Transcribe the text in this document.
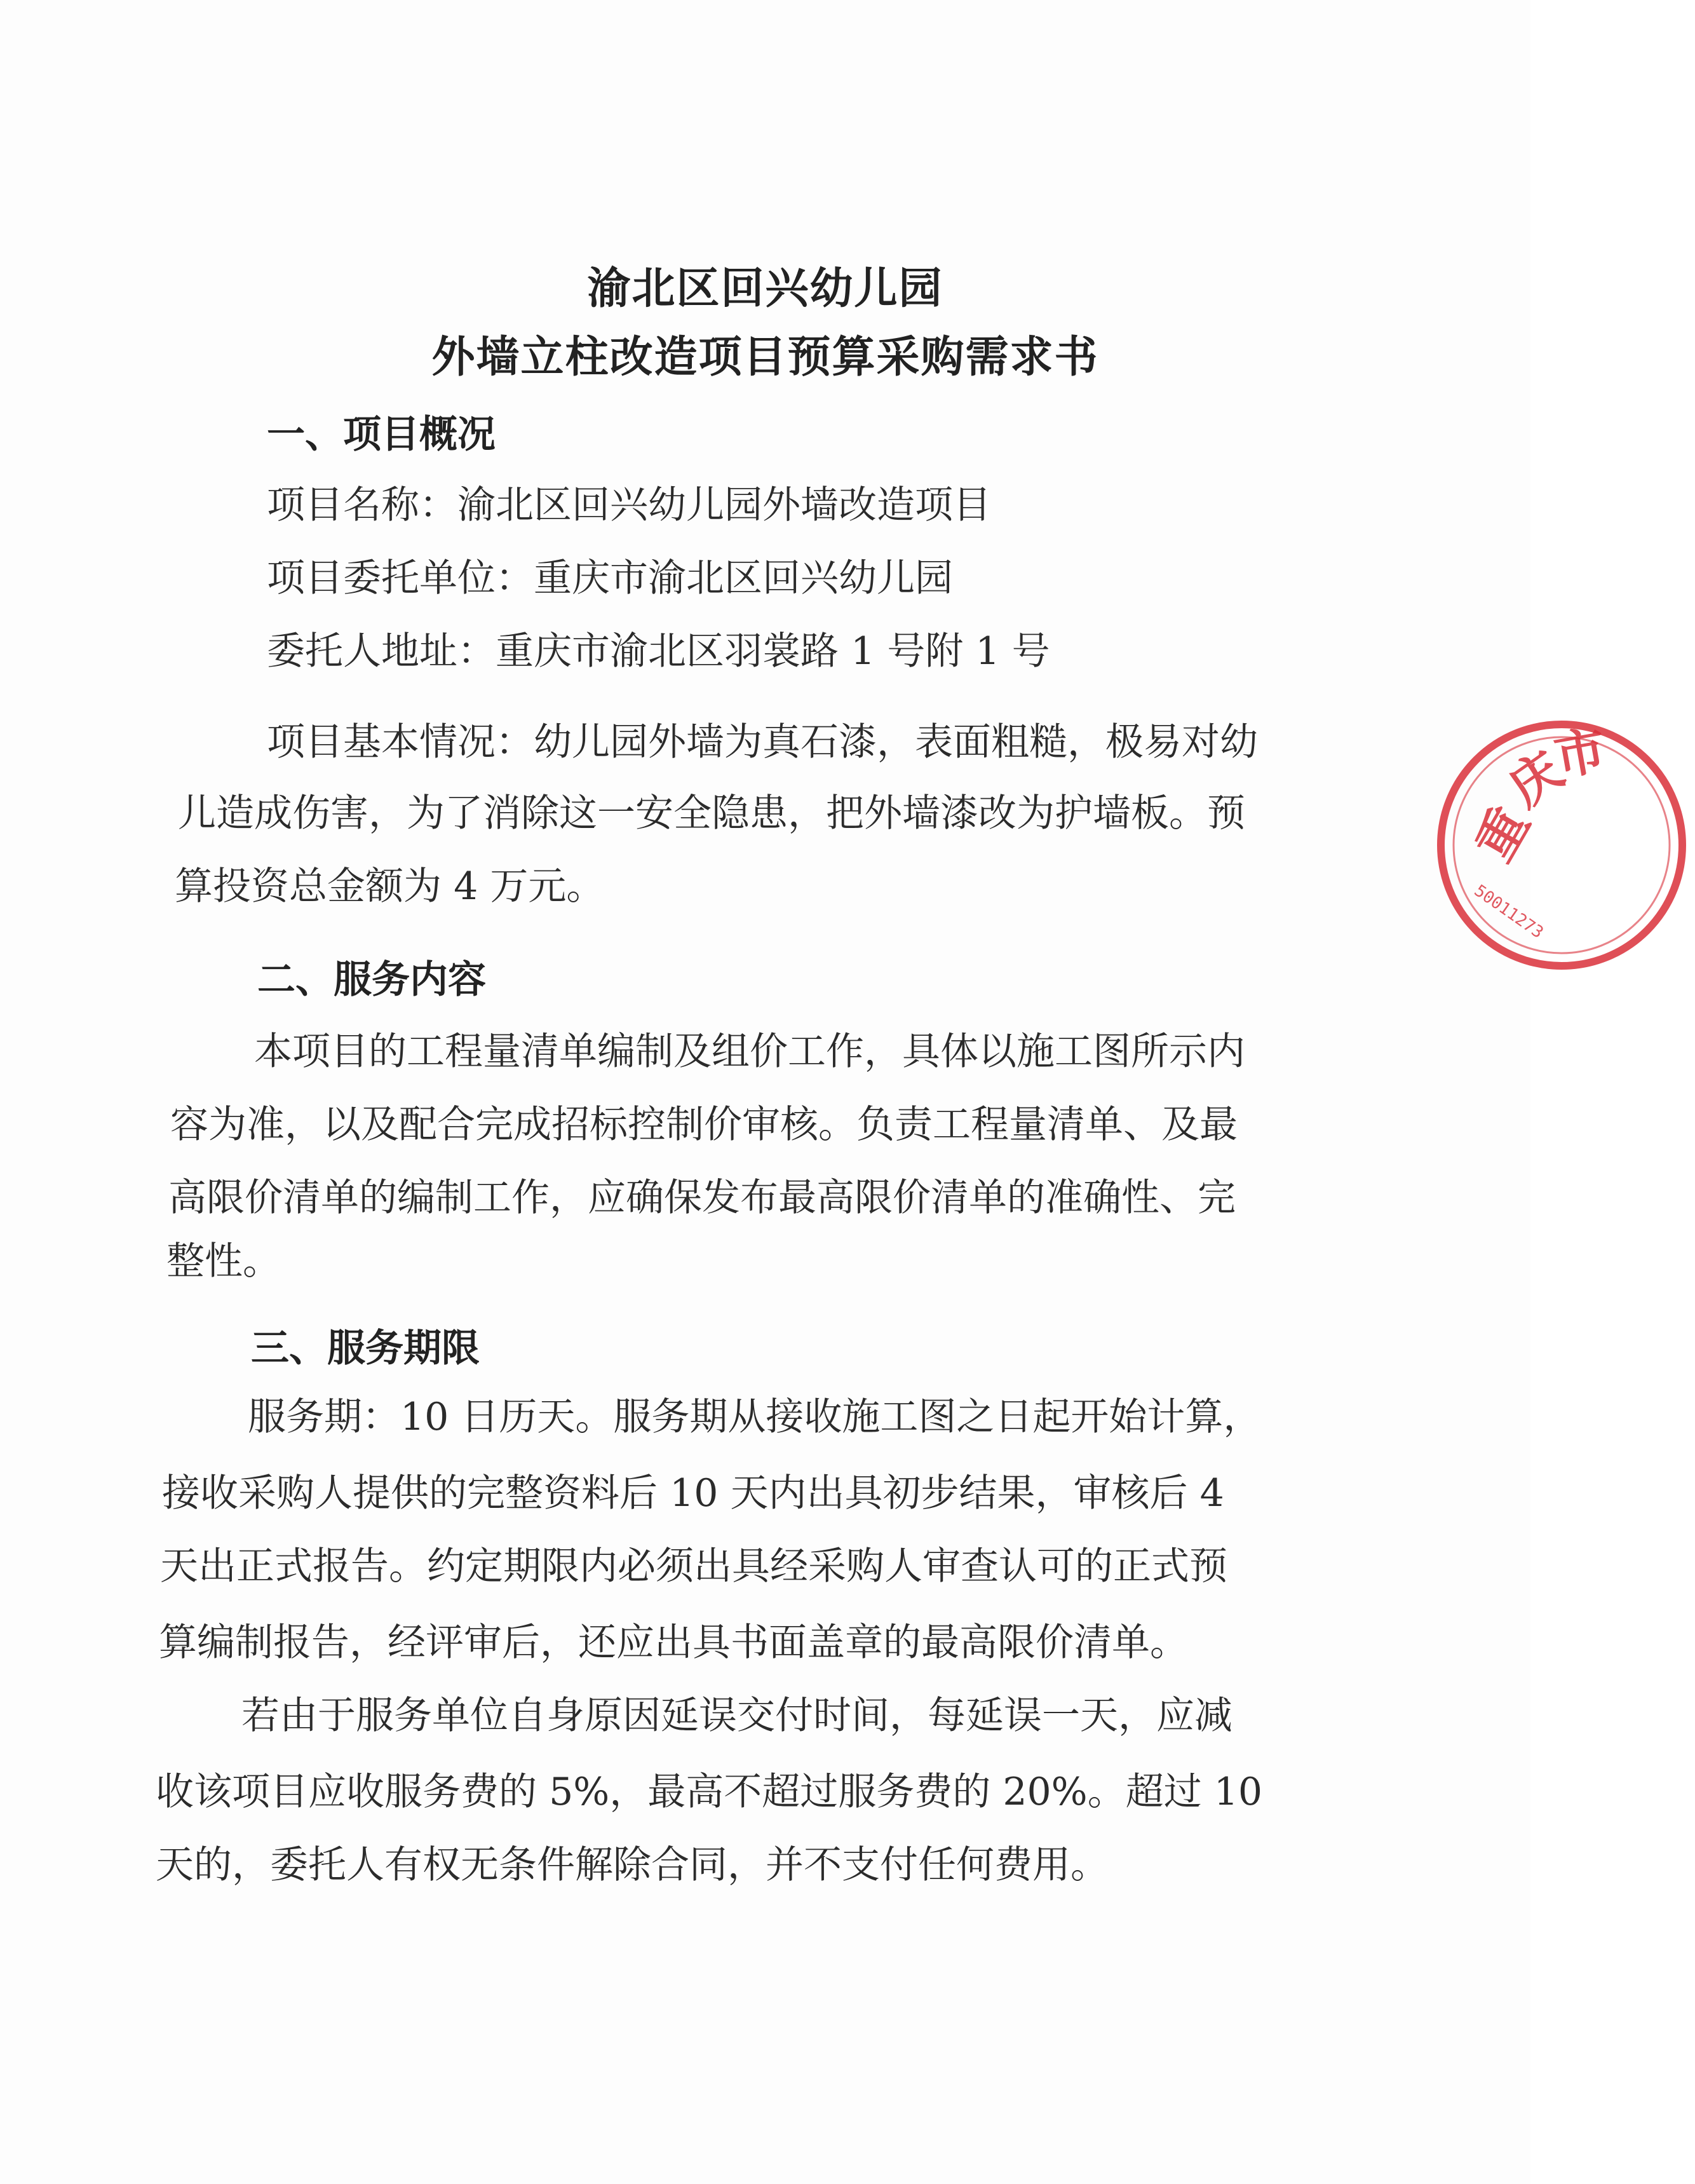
渝北区回兴幼儿园
外墙立柱改造项目预算采购需求书
一、项目概况
项目名称：渝北区回兴幼儿园外墙改造项目
项目委托单位：重庆市渝北区回兴幼儿园
委托人地址：重庆市渝北区羽裳路 1 号附 1 号
项目基本情况：幼儿园外墙为真石漆，表面粗糙，极易对幼
儿造成伤害，为了消除这一安全隐患，把外墙漆改为护墙板。预
算投资总金额为 4 万元。
二、服务内容
本项目的工程量清单编制及组价工作，具体以施工图所示内
容为准，以及配合完成招标控制价审核。负责工程量清单、及最
高限价清单的编制工作，应确保发布最高限价清单的准确性、完
整性。
三、服务期限
服务期：10 日历天。服务期从接收施工图之日起开始计算，
接收采购人提供的完整资料后 10 天内出具初步结果，审核后 4
天出正式报告。约定期限内必须出具经采购人审查认可的正式预
算编制报告，经评审后，还应出具书面盖章的最高限价清单。
若由于服务单位自身原因延误交付时间，每延误一天，应减
收该项目应收服务费的 5%，最高不超过服务费的 20%。超过 10
天的，委托人有权无条件解除合同，并不支付任何费用。
重
庆
市
50011273
